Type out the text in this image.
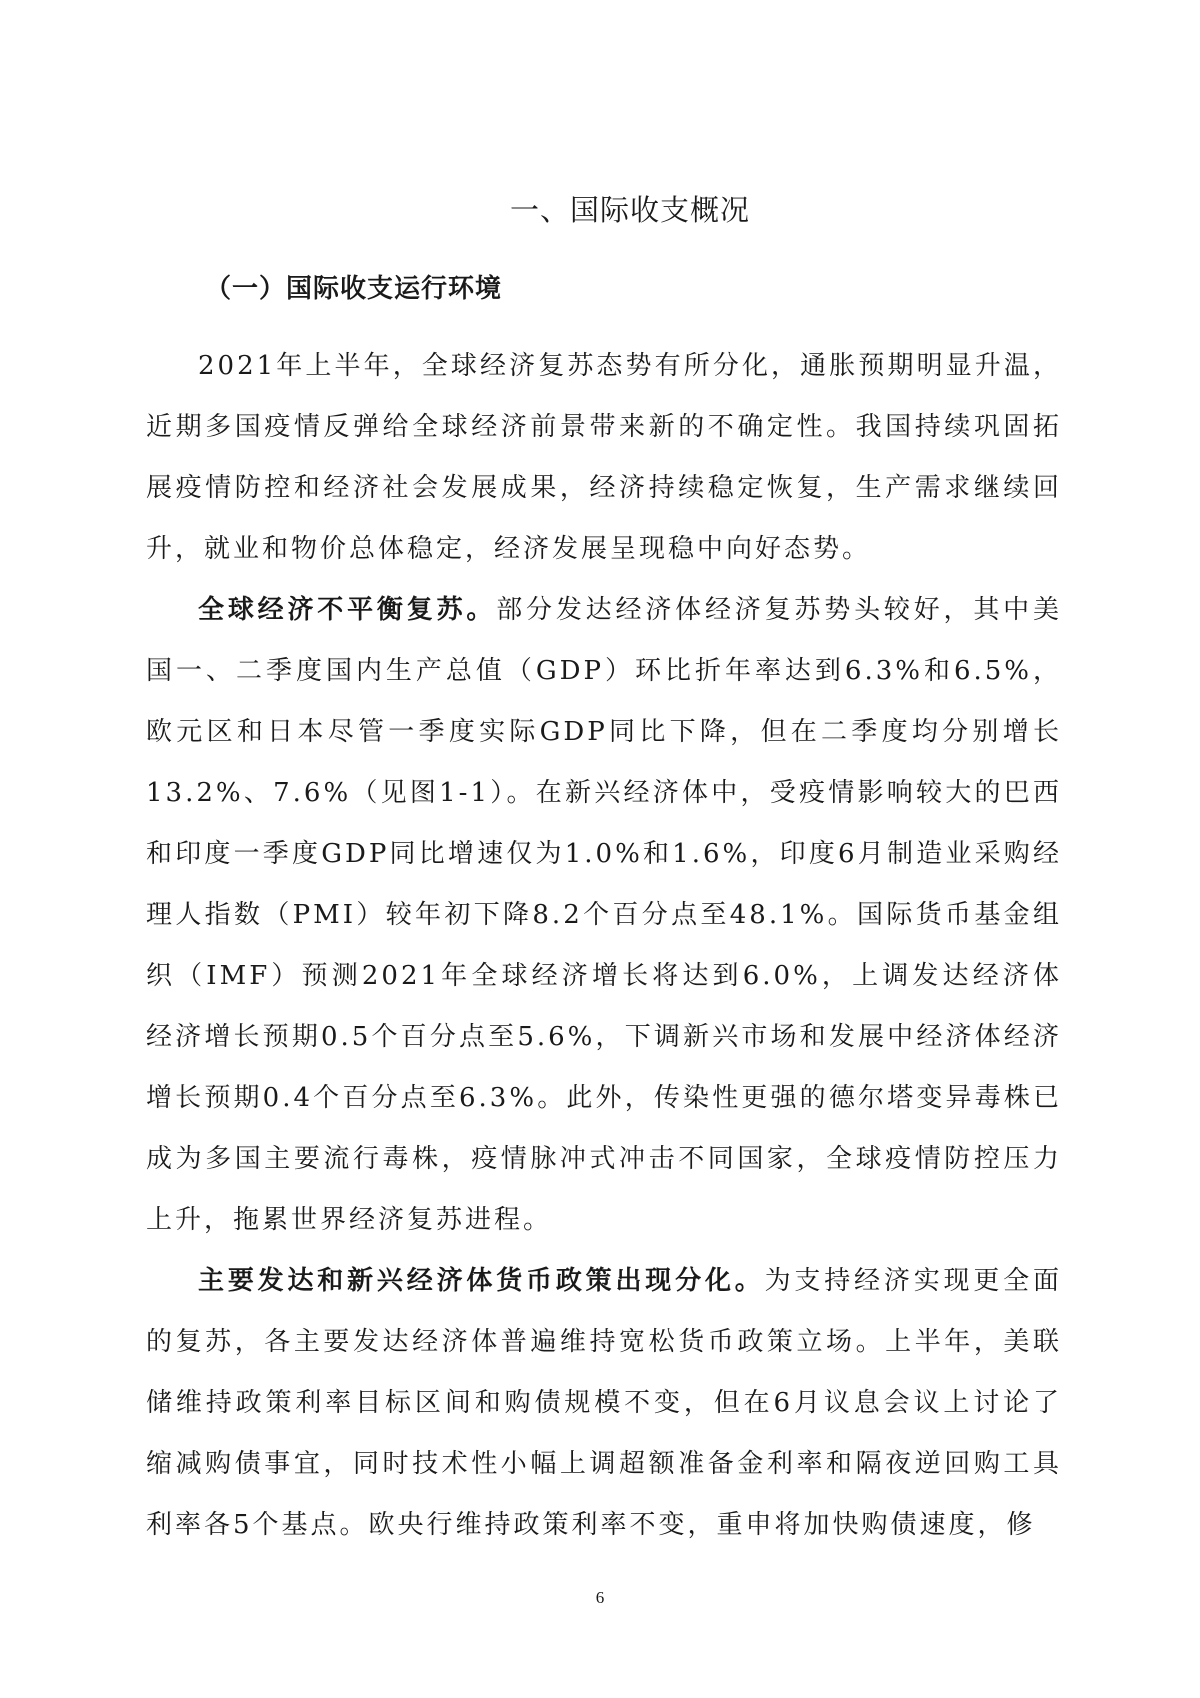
一、国际收支概况
（一）国际收支运行环境

2021年上半年，全球经济复苏态势有所分化，通胀预期明显升温，近期多国疫情反弹给全球经济前景带来新的不确定性。我国持续巩固拓展疫情防控和经济社会发展成果，经济持续稳定恢复，生产需求继续回升，就业和物价总体稳定，经济发展呈现稳中向好态势。

全球经济不平衡复苏。部分发达经济体经济复苏势头较好，其中美国一、二季度国内生产总值（GDP）环比折年率达到6.3%和6.5%，欧元区和日本尽管一季度实际GDP同比下降，但在二季度均分别增长13.2%、7.6%（见图1-1）。在新兴经济体中，受疫情影响较大的巴西和印度一季度GDP同比增速仅为1.0%和1.6%，印度6月制造业采购经理人指数（PMI）较年初下降8.2个百分点至48.1%。国际货币基金组织（IMF）预测2021年全球经济增长将达到6.0%，上调发达经济体经济增长预期0.5个百分点至5.6%，下调新兴市场和发展中经济体经济增长预期0.4个百分点至6.3%。此外，传染性更强的德尔塔变异毒株已成为多国主要流行毒株，疫情脉冲式冲击不同国家，全球疫情防控压力上升，拖累世界经济复苏进程。

主要发达和新兴经济体货币政策出现分化。为支持经济实现更全面的复苏，各主要发达经济体普遍维持宽松货币政策立场。上半年，美联储维持政策利率目标区间和购债规模不变，但在6月议息会议上讨论了缩减购债事宜，同时技术性小幅上调超额准备金利率和隔夜逆回购工具利率各5个基点。欧央行维持政策利率不变，重申将加快购债速度，修

6
